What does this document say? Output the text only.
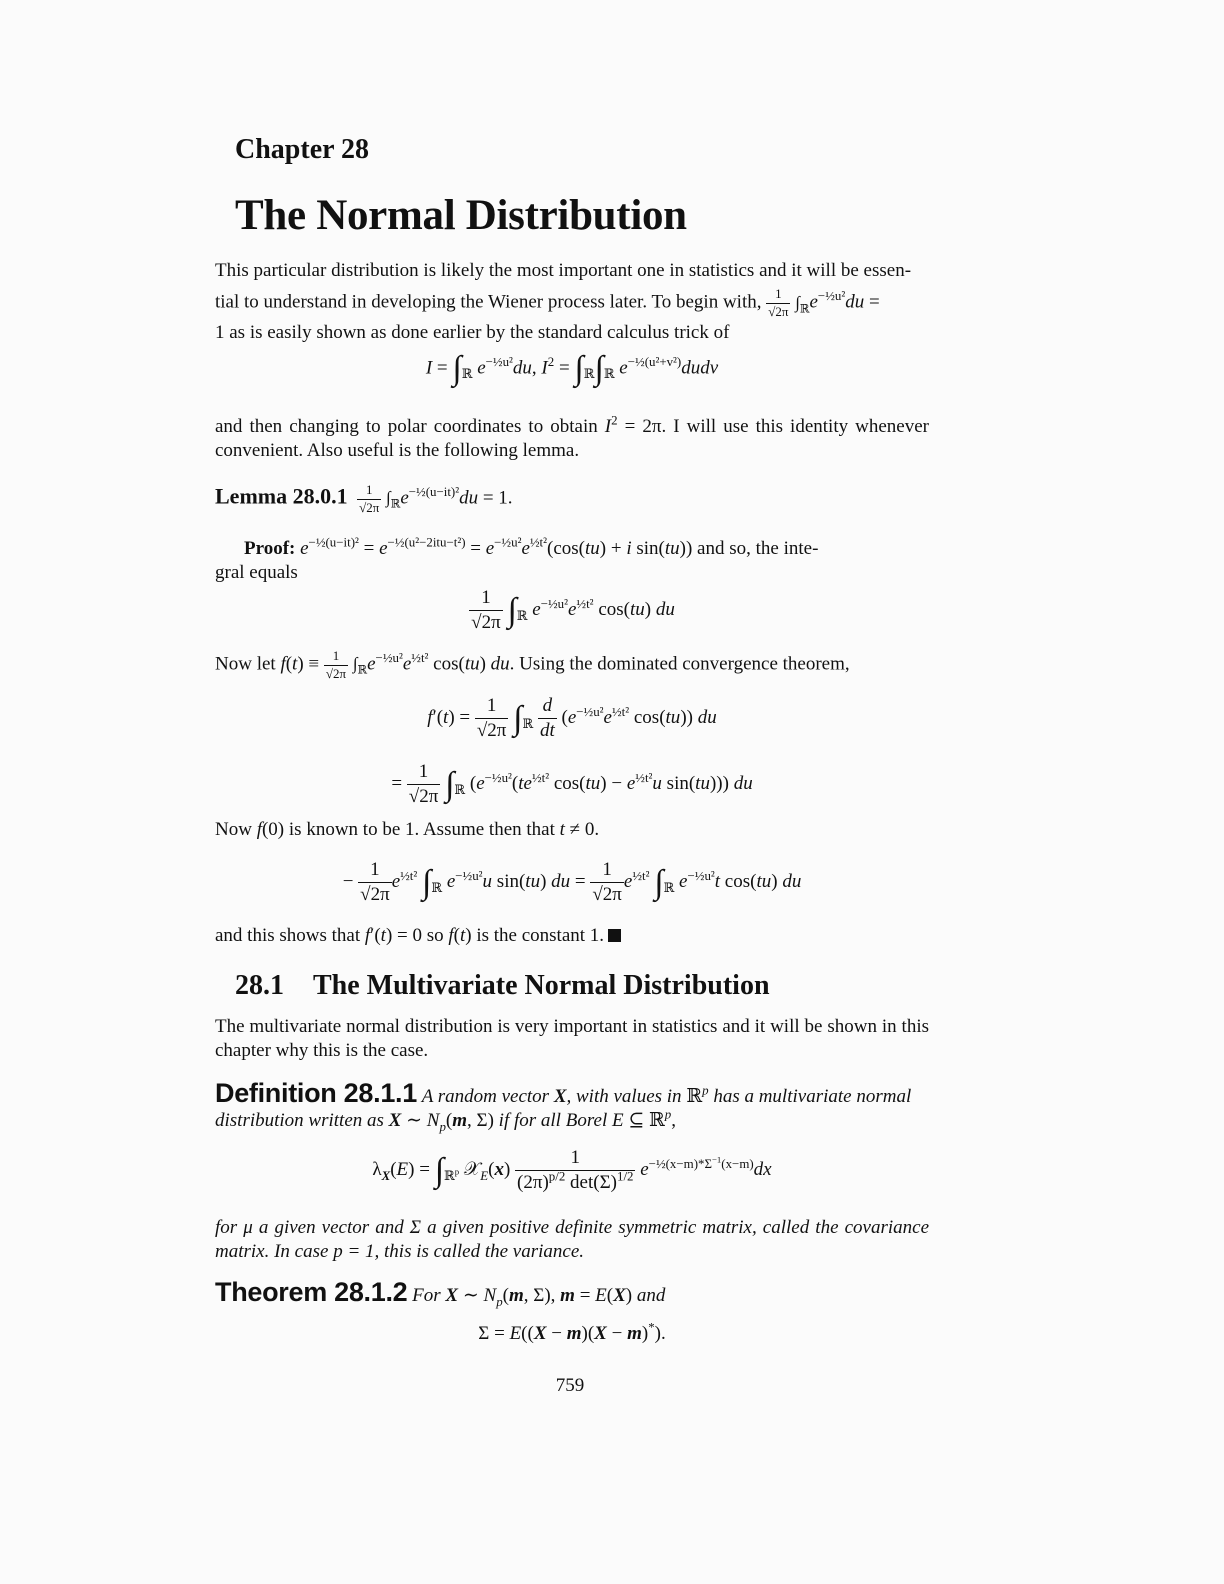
Chapter 28
The Normal Distribution

This particular distribution is likely the most important one in statistics and it will be essen-

tial to understand in developing the Wiener process later. To begin with, $\frac{1}{√2\pi} \int_ℝe^{-\frac{1}{2}u^2}du$ =

1 as is easily shown as done earlier by the standard calculus trick of

$I = \int_ℝ$ $e^{-\frac{1}{2}u^2}du$, $I^2 = \int_ℝ\int_ℝ$ $e^{-\frac{1}{2}(u^2+v^2)}dudv$
and then changing to polar coordinates to obtain $I^2 = 2\pi$. I will use this identity whenever convenient. Also useful is the following lemma.
Lemma $28.0.1 \frac{1}{√2\pi} \int_ℝe^{-\frac{1}{2}(u-it)^2}du = 1$.

Proof: $e^{-\frac{1}{2}(u-it)^2} = e^{-\frac{1}{2}(u^2-2itu-t^2)} = e^{-\frac{1}{2}u^2}e^{\frac{1}{2}t^2}(\cos(tu) + i$ sin(tu)) and so, the inte-

gral equals

$\frac{1}{√2\pi} \int_ℝ$ $e^{-\frac{1}{2}u^2}e^{\frac{1}{2}t^2}$ cos(tu) du
Now let $f(t) \equiv \frac{1}{√2\pi} \int_ℝe^{-\frac{1}{2}u^2}e^{\frac{1}{2}t^2}$ cos(tu) du. Using the dominated convergence theorem,
$f'(t) = \frac{1}{√2\pi} \int_ℝ \frac{d}{dt} (e^{-\frac{1}{2}u^2}e^{\frac{1}{2}t^2}$ cos(tu)) du
= $\frac{1}{√2\pi} \int_ℝ$ ($e^{-\frac{1}{2}u^2}(te^{\frac{1}{2}t^2}$ $\cos(tu) - e^{\frac{1}{2}t^2}u$ sin(tu))) du
Now f(0) is known to be 1. Assume then that t ≠ 0.
− $\frac{1}{√2\pi} e^{\frac{1}{2}t^2}$ $\int_ℝ$ $e^{-\frac{1}{2}u^2}u$ sin(tu) du = $\frac{1}{√2\pi} e^{\frac{1}{2}t^2}$ $\int_ℝ$ $e^{-\frac{1}{2}u^2}t$ cos(tu) du
and this shows that f′(t) = 0 so f(t) is the constant 1.
28.1 The Multivariate Normal Distribution
The multivariate normal distribution is very important in statistics and it will be shown in this chapter why this is the case.

Definition 28.1.1 A random vector X, with values in ℝ$^p$ has a multivariate normal

distribution written as X ∼ $N_p(m$, Σ) if for all Borel E ⊆ ℝ$^p$,

$\lambda_X(E) = \int_{ℝ^p}$ 𝒳$_E$(x) $\frac{1}{(2\pi)^{p/2} \det(\Sigma)^{1/2}} e^{-\frac{1}{2}(x-m)*\Sigma^{-1}(x-m)}dx$
for μ a given vector and Σ a given positive definite symmetric matrix, called the covariance matrix. In case p = 1, this is called the variance.
Theorem 28.1.2 For X ∼ $N_p(m$, Σ), m = E(X) and
Σ = E((X − m)(X − m)*).
759
